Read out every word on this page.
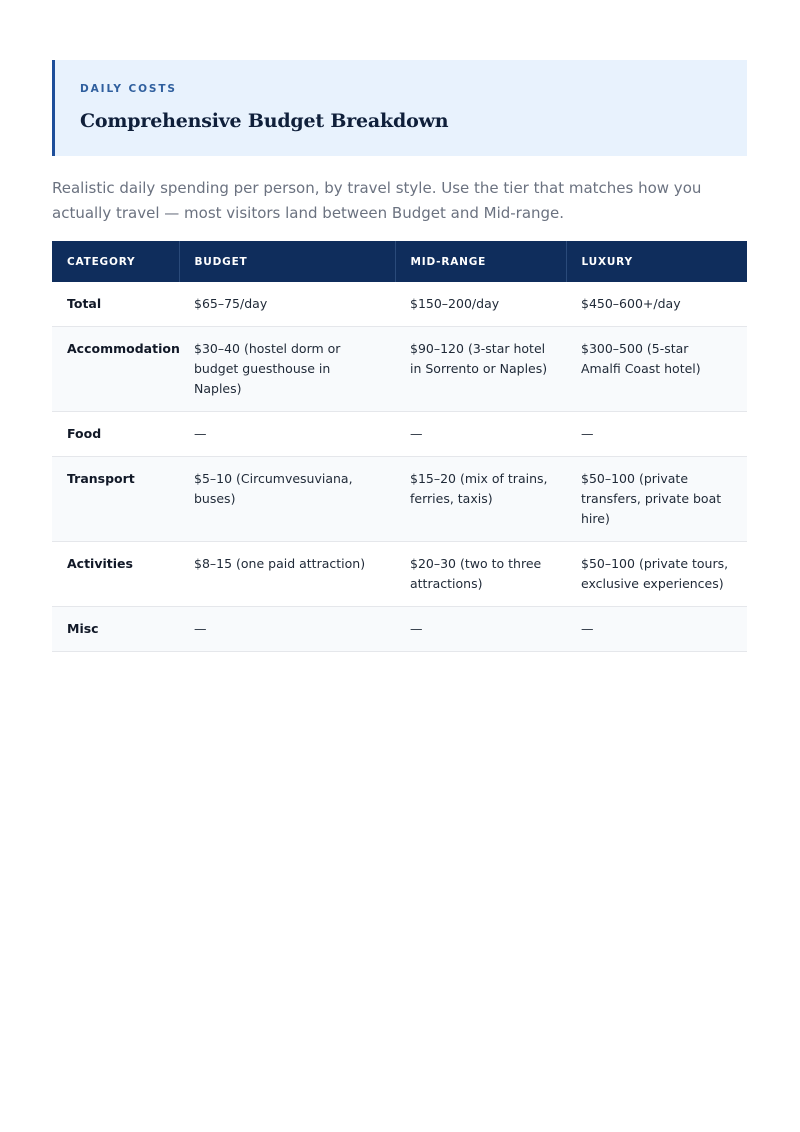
DAILY COSTS
Comprehensive Budget Breakdown
Realistic daily spending per person, by travel style. Use the tier that matches how you actually travel — most visitors land between Budget and Mid-range.
CATEGORY	BUDGET	MID-RANGE	LUXURY
Total	$65–75/day	$150–200/day	$450–600+/day
Accommodation	$30–40 (hostel dorm or budget guesthouse in Naples)	$90–120 (3-star hotel in Sorrento or Naples)	$300–500 (5-star Amalfi Coast hotel)
Food	—	—	—
Transport	$5–10 (Circumvesuviana, buses)	$15–20 (mix of trains, ferries, taxis)	$50–100 (private transfers, private boat hire)
Activities	$8–15 (one paid attraction)	$20–30 (two to three attractions)	$50–100 (private tours, exclusive experiences)
Misc	—	—	—
